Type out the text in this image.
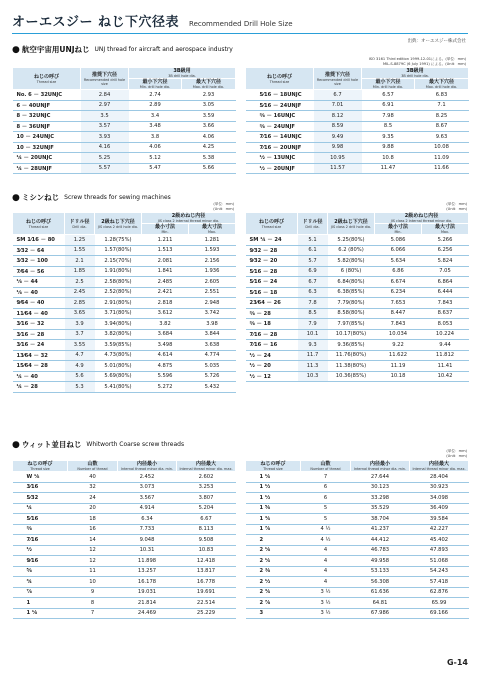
オーエスジー ねじ下穴径表 Recommended Drill Hole Size
出典：オーエスジー株式会社
● 航空宇宙用UNJねじ UNJ thread for aircraft and aerospace industry
ISO 3161 Third edition 1999-12-01による。(単位：mm)
MIL-S-8879C (6 July 1991) による。(Unit：mm)
ねじの呼び
Thread size	推奨下穴径
Recommended drill hole size	3B級用
3B drill hole dia.	

		最小下穴径
Min. drill hole dia.	最大下穴径
Max. drill hole dia.

No. 6 － 32UNJC	2.84	2.74	2.93
6 － 40UNJF	2.97	2.89	3.05
8 － 32UNJC	3.5	3.4	3.59
8 － 36UNJF	3.57	3.48	3.66
10 － 24UNJC	3.93	3.8	4.06
10 － 32UNJF	4.16	4.06	4.25
¼ － 20UNJC	5.25	5.12	5.38
¼ － 28UNJF	5.57	5.47	5.66
ねじの呼び
Thread size	推奨下穴径
Recommended drill hole size	3B級用
3B drill hole dia.	

		最小下穴径
Min. drill hole dia.	最大下穴径
Max. drill hole dia.

5⁄16 － 18UNJC	6.7	6.57	6.83
5⁄16 － 24UNJF	7.01	6.91	7.1
⅜ － 16UNJC	8.12	7.98	8.25
⅜ － 24UNJF	8.59	8.5	8.67
7⁄16 － 14UNJC	9.49	9.35	9.63
7⁄16 － 20UNJF	9.98	9.88	10.08
½ － 13UNJC	10.95	10.8	11.09
½ － 20UNJF	11.57	11.47	11.66
● ミシンねじ Screw threads for sewing machines
(単位：mm)
(Unit：mm)
(単位：mm)
(Unit：mm)
ねじの呼び
Thread size	ドリル径
Drill dia.	2級ねじ下穴径
JIS class 2 drill hole dia.	2級めねじ内径
JIS class 2 internal thread minor dia.	

			最小寸法
Min.	最大寸法
Max.

SM 1⁄16 － 80	1.25	1.28(75%)	1.211	1.281
3⁄32 － 64	1.55	1.57(80%)	1.513	1.593
3⁄32 － 100	2.1	2.15(70%)	2.081	2.156
7⁄64 － 56	1.85	1.91(80%)	1.841	1.936
⅛ － 44	2.5	2.58(80%)	2.485	2.605
⅛ － 40	2.45	2.52(80%)	2.421	2.551
9⁄64 － 40	2.85	2.91(80%)	2.818	2.948
11⁄64 － 40	3.65	3.71(80%)	3.612	3.742
3⁄16 － 32	3.9	3.94(80%)	3.82	3.98
3⁄16 － 28	3.7	3.82(80%)	3.684	3.844
3⁄16 － 24	3.55	3.59(85%)	3.498	3.638
13⁄64 － 32	4.7	4.73(80%)	4.614	4.774
15⁄64 － 28	4.9	5.01(80%)	4.875	5.035
¼ － 40	5.6	5.69(80%)	5.596	5.726
¼ － 28	5.3	5.41(80%)	5.272	5.432
ねじの呼び
Thread size	ドリル径
Drill dia.	2級ねじ下穴径
JIS class 2 drill hole dia.	2級めねじ内径
JIS class 2 internal thread minor dia.	

			最小寸法
Min.	最大寸法
Max.

SM ¼ － 24	5.1	5.25(80%)	5.086	5.266
9⁄32 － 28	6.1	6.2 (80%)	6.066	6.256
9⁄32 － 20	5.7	5.82(80%)	5.634	5.824
5⁄16 － 28	6.9	6 (80%)	6.86	7.05
5⁄16 － 24	6.7	6.84(80%)	6.674	6.864
5⁄16 － 18	6.3	6.38(85%)	6.234	6.444
23⁄64 － 26	7.8	7.79(80%)	7.653	7.843
⅜ － 28	8.5	8.58(80%)	8.447	8.637
⅜ － 18	7.9	7.97(85%)	7.843	8.053
7⁄16 － 28	10.1	10.17(80%)	10.034	10.224
7⁄16 － 16	9.3	9.36(85%)	9.22	9.44
½ － 24	11.7	11.76(80%)	11.622	11.812
½ － 20	11.3	11.38(80%)	11.19	11.41
½ － 12	10.3	10.36(85%)	10.18	10.42
● ウィット並目ねじ Whitworth Coarse screw threads
(単位：mm)
(Unit：mm)
ねじの呼び
Thread size	山数
Number of thread	内径最小
Internal thread minor dia. min.	内径最大
Internal thread minor dia. max.

W ⅛	40	2.452	2.602
3⁄16	32	3.073	3.253
5⁄32	24	3.567	3.807
¼	20	4.914	5.204
5⁄16	18	6.34	6.67
⅜	16	7.733	8.113
7⁄16	14	9.048	9.508
½	12	10.31	10.83
9⁄16	12	11.898	12.418
⅝	11	13.257	13.817
¾	10	16.178	16.778
⅞	9	19.031	19.691
1	8	21.814	22.514
1 ⅛	7	24.469	25.229
ねじの呼び
Thread size	山数
Number of thread	内径最小
Internal thread minor dia. min.	内径最大
Internal thread minor dia. max.

1 ¼	7	27.644	28.404
1 ½	6	30.123	30.923
1 ½	6	33.298	34.098
1 ⅝	5	35.529	36.409
1 ¾	5	38.704	39.584
1 ⅞	4 ½	41.237	42.227
2	4 ½	44.412	45.402
2 ⅛	4	46.783	47.893
2 ¼	4	49.958	51.068
2 ⅜	4	53.133	54.243
2 ½	4	56.308	57.418
2 ¾	3 ½	61.636	62.876
2 ⅞	3 ½	64.81	65.99
3	3 ½	67.986	69.166
G-14
